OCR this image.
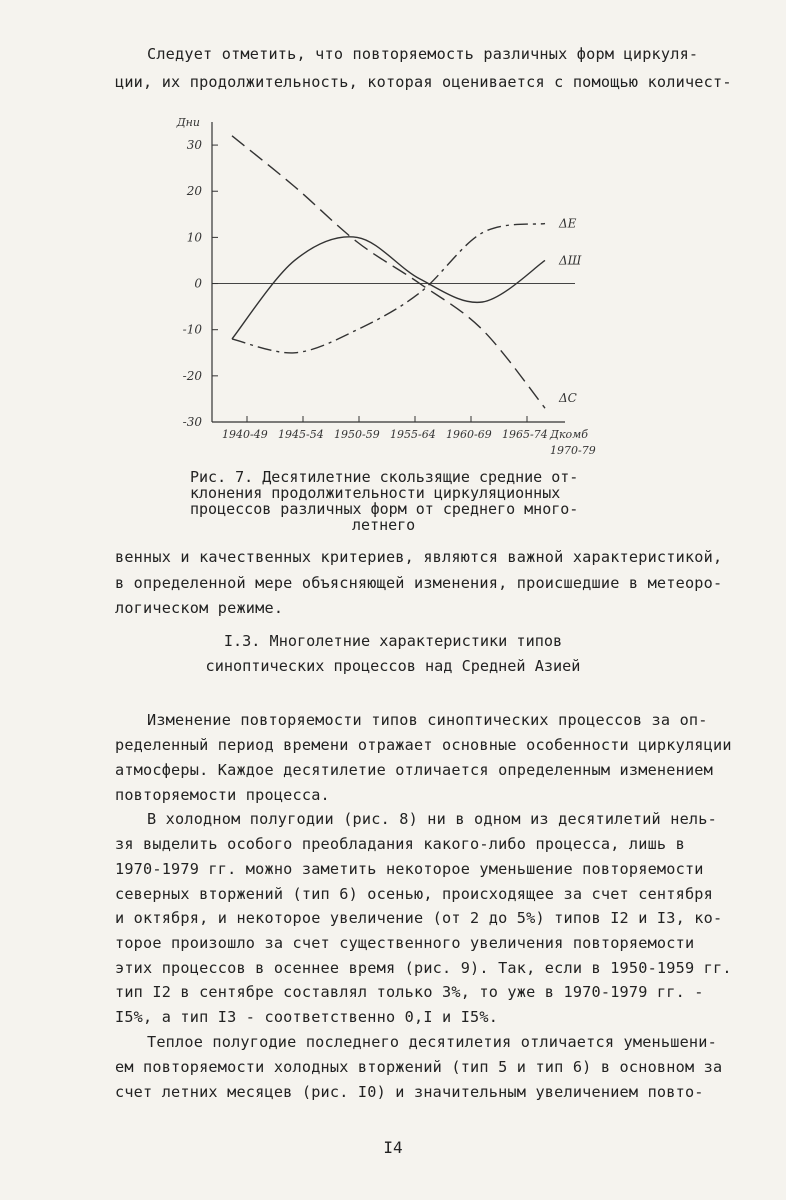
Следует отметить, что повторяемость различных форм циркуля-
ции, их продолжительность, которая оценивается с помощью количест-
30
20
10
0
-10
-20
-30
Дни
1940-49 1945-54 1950-59 1955-64 1960-69 1965-74 Дкомб
1970-79
ΔC
ΔE
ΔШ
Рис. 7. Десятилетние скользящие средние от-
клонения продолжительности циркуляционных
процессов различных форм от среднего много-
летнего
венных и качественных критериев, являются важной характеристикой,
в определенной мере объясняющей изменения, происшедшие в метеоро-
логическом режиме.
I.3. Многолетние характеристики типов
синоптических процессов над Средней Азией
Изменение повторяемости типов синоптических процессов за оп-
ределенный период времени отражает основные особенности циркуляции
атмосферы. Каждое десятилетие отличается определенным изменением
повторяемости процесса.
В холодном полугодии (рис. 8) ни в одном из десятилетий нель-
зя выделить особого преобладания какого-либо процесса, лишь в
1970-1979 гг. можно заметить некоторое уменьшение повторяемости
северных вторжений (тип 6) осенью, происходящее за счет сентября
и октября, и некоторое увеличение (от 2 до 5%) типов I2 и I3, ко-
торое произошло за счет существенного увеличения повторяемости
этих процессов в осеннее время (рис. 9). Так, если в 1950-1959 гг.
тип I2 в сентябре составлял только 3%, то уже в 1970-1979 гг. -
I5%, а тип I3 - соответственно 0,I и I5%.
Теплое полугодие последнего десятилетия отличается уменьшени-
ем повторяемости холодных вторжений (тип 5 и тип 6) в основном за
счет летних месяцев (рис. I0) и значительным увеличением повто-
I4
